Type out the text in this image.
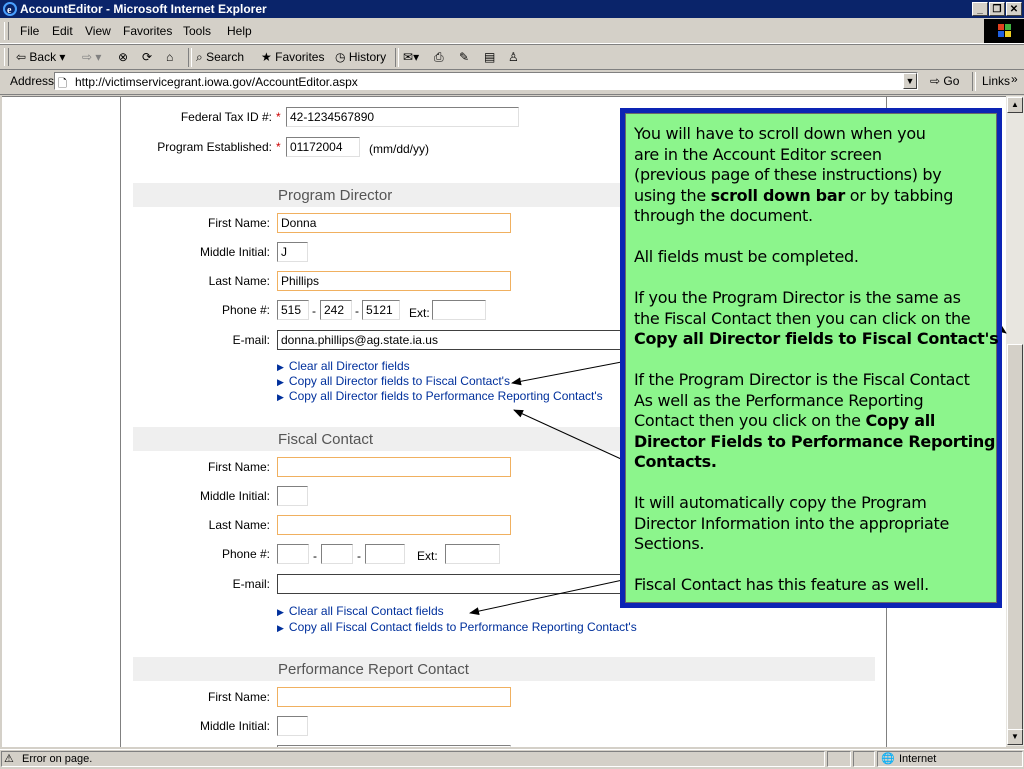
e AccountEditor - Microsoft Internet Explorer	_ ❐ ✕
File Edit View Favorites Tools Help
⇦ Back ▾ ⇨ ▾ ⊗ ⟳ ⌂ ⌕ Search ★ Favorites ◷ History ✉▾ ⎙ ✎ ▤ ♙
Address 🗋 http://victimservicegrant.iowa.gov/AccountEditor.aspx	▼ ⇨ Go Links »
Federal Tax ID #: * 42-1234567890
Program Established: * 01172004	(mm/dd/yy)
Program Director
First Name: Donna
Middle Initial: J
Last Name: Phillips
Phone #: 515 - 242 - 5121	Ext:
E-mail: donna.phillips@ag.state.ia.us
▶ Clear all Director fields
▶ Copy all Director fields to Fiscal Contact's
▶ Copy all Director fields to Performance Reporting Contact's
Fiscal Contact
First Name:
Middle Initial:
Last Name:
Phone #:	-	-	Ext:
E-mail:
▶ Clear all Fiscal Contact fields
▶ Copy all Fiscal Contact fields to Performance Reporting Contact's
Performance Report Contact
First Name:
Middle Initial:
▲
▼
⚠ Error on page.	🌐 Internet
You will have to scroll down when you
are in the Account Editor screen
(previous page of these instructions) by
using the scroll down bar or by tabbing
through the document.
All fields must be completed.
If you the Program Director is the same as
the Fiscal Contact then you can click on the
Copy all Director fields to Fiscal Contact's
If the Program Director is the Fiscal Contact
As well as the Performance Reporting
Contact then you click on the Copy all
Director Fields to Performance Reporting
Contacts.
It will automatically copy the Program
Director Information into the appropriate
Sections.
Fiscal Contact has this feature as well.
